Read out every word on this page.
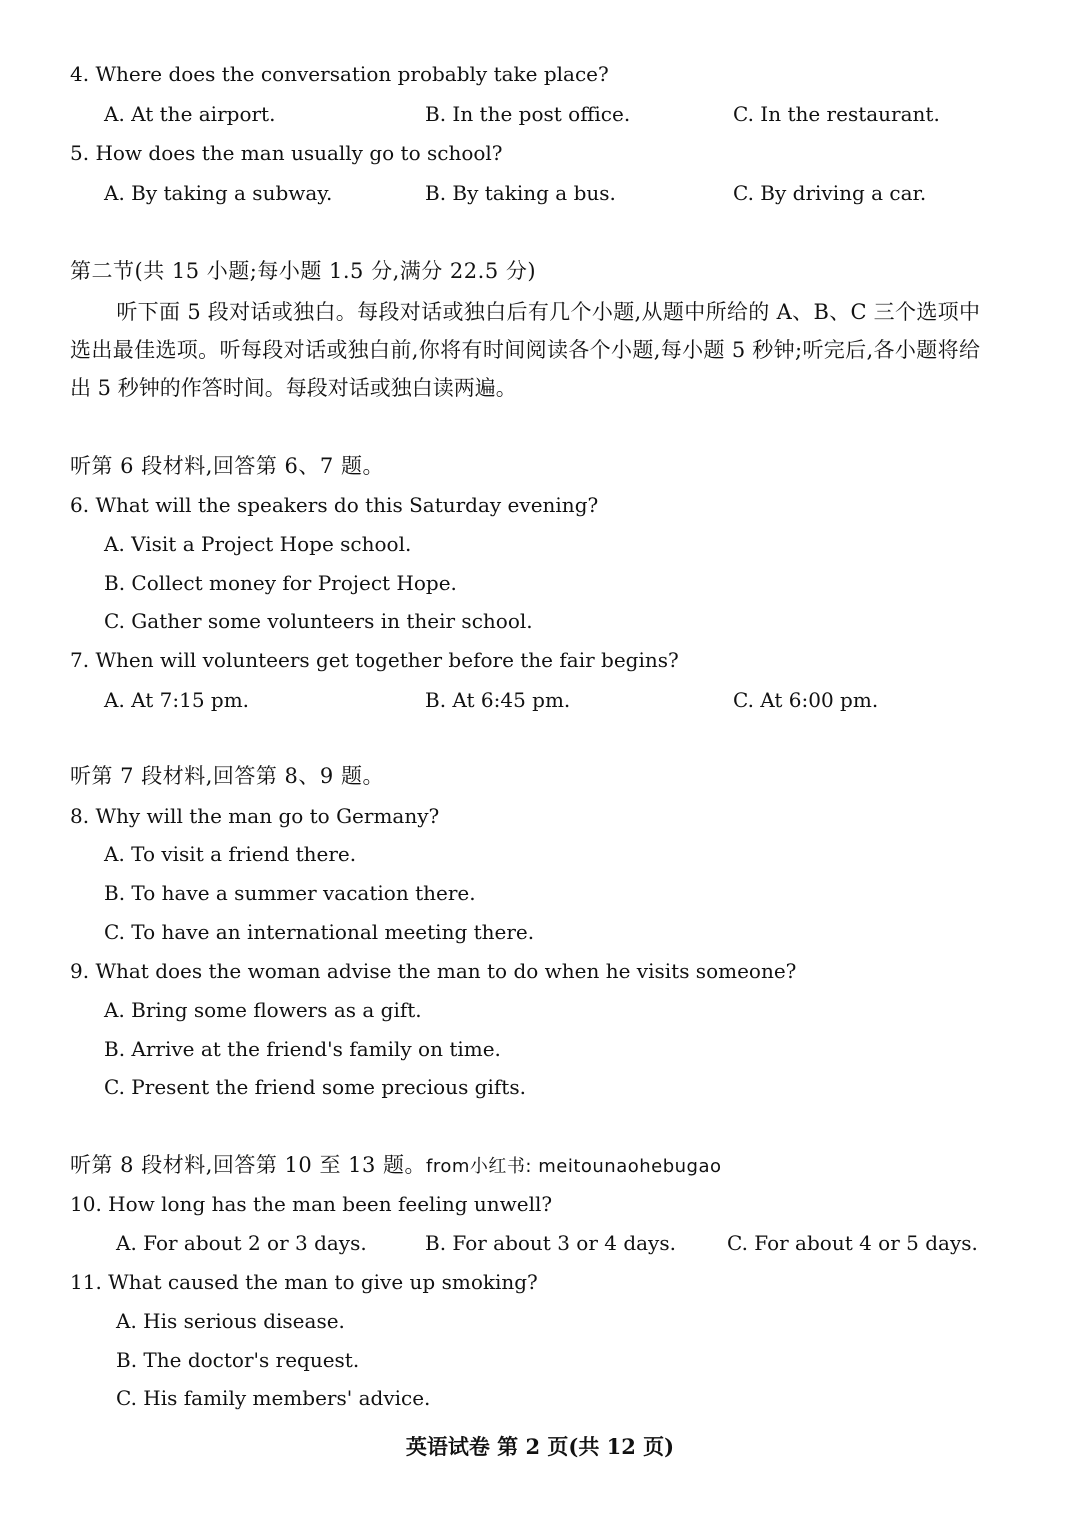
4. Where does the conversation probably take place?
A. At the airport.	B. In the post office.	C. In the restaurant.
5. How does the man usually go to school?
A. By taking a subway.	B. By taking a bus.	C. By driving a car.
第二节(共 15 小题;每小题 1.5 分,满分 22.5 分)
听下面 5 段对话或独白。每段对话或独白后有几个小题,从题中所给的 A、B、C 三个选项中选出最佳选项。听每段对话或独白前,你将有时间阅读各个小题,每小题 5 秒钟;听完后,各小题将给出 5 秒钟的作答时间。每段对话或独白读两遍。
听第 6 段材料,回答第 6、7 题。
6. What will the speakers do this Saturday evening?
A. Visit a Project Hope school.
B. Collect money for Project Hope.
C. Gather some volunteers in their school.
7. When will volunteers get together before the fair begins?
A. At 7:15 pm.	B. At 6:45 pm.	C. At 6:00 pm.
听第 7 段材料,回答第 8、9 题。
8. Why will the man go to Germany?
A. To visit a friend there.
B. To have a summer vacation there.
C. To have an international meeting there.
9. What does the woman advise the man to do when he visits someone?
A. Bring some flowers as a gift.
B. Arrive at the friend's family on time.
C. Present the friend some precious gifts.
听第 8 段材料,回答第 10 至 13 题。from小红书: meitounaohebugao
10. How long has the man been feeling unwell?
A. For about 2 or 3 days.	B. For about 3 or 4 days.	C. For about 4 or 5 days.
11. What caused the man to give up smoking?
A. His serious disease.
B. The doctor's request.
C. His family members' advice.
英语试卷 第 2 页(共 12 页)
